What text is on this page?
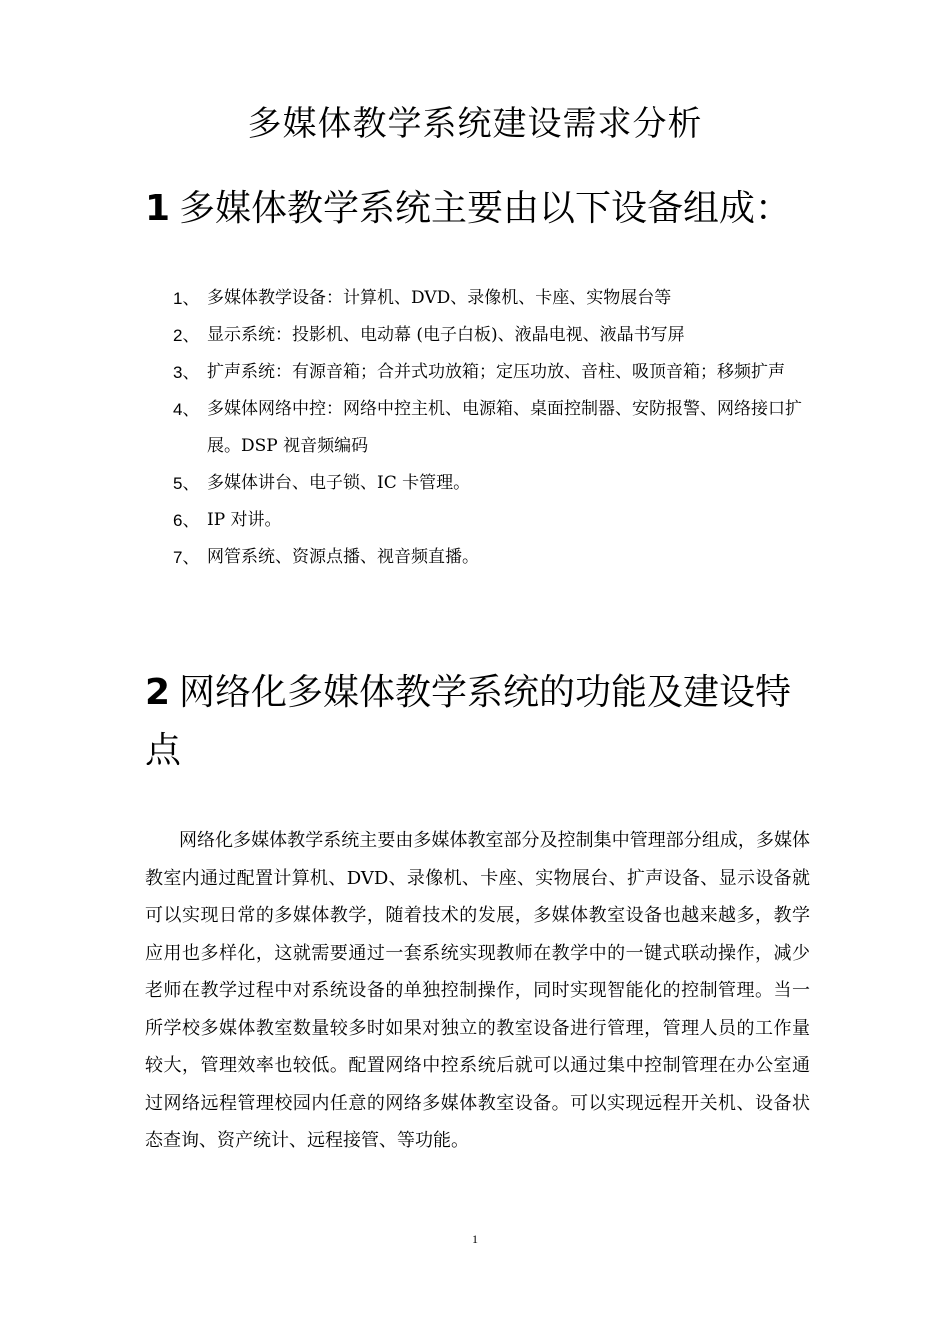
多媒体教学系统建设需求分析
1 多媒体教学系统主要由以下设备组成：
1、 多媒体教学设备：计算机、DVD、录像机、卡座、实物展台等
2、 显示系统：投影机、电动幕 (电子白板)、液晶电视、液晶书写屏
3、 扩声系统：有源音箱；合并式功放箱；定压功放、音柱、吸顶音箱；移频扩声
4、 多媒体网络中控：网络中控主机、电源箱、桌面控制器、安防报警、网络接口扩展。DSP 视音频编码
5、 多媒体讲台、电子锁、IC 卡管理。
6、 IP 对讲。
7、 网管系统、资源点播、视音频直播。
2 网络化多媒体教学系统的功能及建设特点

网络化多媒体教学系统主要由多媒体教室部分及控制集中管理部分组成，多媒体教室内通过配置计算机、DVD、录像机、卡座、实物展台、扩声设备、显示设备就可以实现日常的多媒体教学，随着技术的发展，多媒体教室设备也越来越多，教学应用也多样化，这就需要通过一套系统实现教师在教学中的一键式联动操作，减少老师在教学过程中对系统设备的单独控制操作，同时实现智能化的控制管理。当一所学校多媒体教室数量较多时如果对独立的教室设备进行管理，管理人员的工作量较大，管理效率也较低。配置网络中控系统后就可以通过集中控制管理在办公室通过网络远程管理校园内任意的网络多媒体教室设备。可以实现远程开关机、设备状态查询、资产统计、远程接管、等功能。

1
